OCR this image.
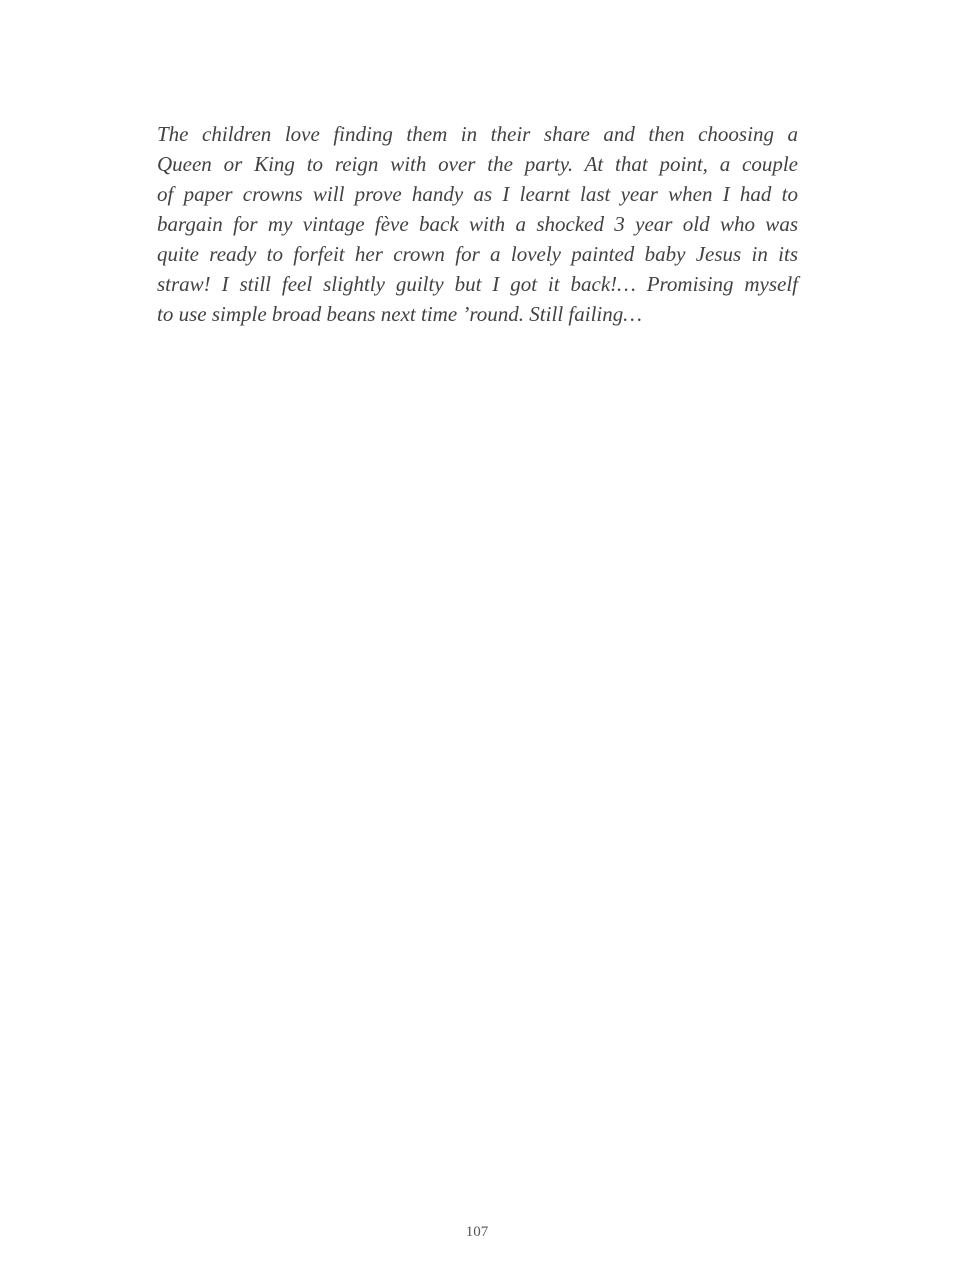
The children love finding them in their share and then choosing a
Queen or King to reign with over the party. At that point, a couple
of paper crowns will prove handy as I learnt last year when I had to
bargain for my vintage fève back with a shocked 3 year old who was
quite ready to forfeit her crown for a lovely painted baby Jesus in its
straw! I still feel slightly guilty but I got it back!… Promising myself
to use simple broad beans next time ’round. Still failing…
107
